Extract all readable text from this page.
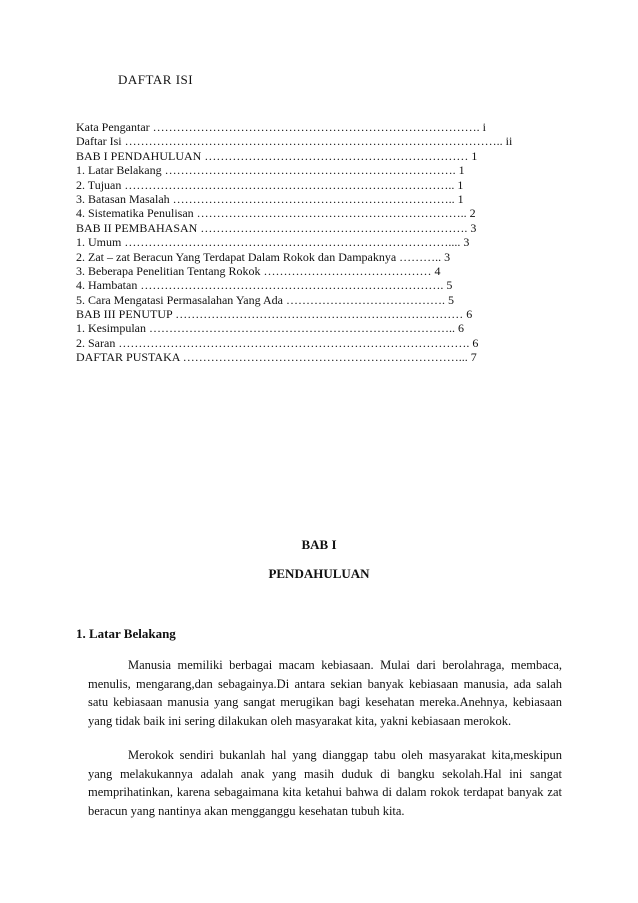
DAFTAR ISI
Kata Pengantar ………………………………………………………………………. i
Daftar Isi ………………………………………………………………………………….. ii
BAB I PENDAHULUAN ………………………………………………………… 1
1. Latar Belakang ………………………………………………………………. 1
2. Tujuan ……………………………………………………………………….. 1
3. Batasan Masalah …………………………………………………………….. 1
4. Sistematika Penulisan ………………………………………………………….. 2
BAB II PEMBAHASAN …………………………………………………………. 3
1. Umum ……………………………………………………………………….... 3
2. Zat – zat Beracun Yang Terdapat Dalam Rokok dan Dampaknya ……….. 3
3. Beberapa Penelitian Tentang Rokok …………………………………… 4
4. Hambatan …………………………………………………………………. 5
5. Cara Mengatasi Permasalahan Yang Ada …………………………………. 5
BAB III PENUTUP ……………………………………………………………… 6
1. Kesimpulan ………………………………………………………………….. 6
2. Saran ……………………………………………………………………………. 6
DAFTAR PUSTAKA ……………………………………………………………... 7
BAB I
PENDAHULUAN
1. Latar Belakang

Manusia memiliki berbagai macam kebiasaan. Mulai dari berolahraga, membaca, menulis, mengarang,dan sebagainya.Di antara sekian banyak kebiasaan manusia, ada salah satu kebiasaan manusia yang sangat merugikan bagi kesehatan mereka.Anehnya, kebiasaan yang tidak baik ini sering dilakukan oleh masyarakat kita, yakni kebiasaan merokok.

Merokok sendiri bukanlah hal yang dianggap tabu oleh masyarakat kita,meskipun yang melakukannya adalah anak yang masih duduk di bangku sekolah.Hal ini sangat memprihatinkan, karena sebagaimana kita ketahui bahwa di dalam rokok terdapat banyak zat beracun yang nantinya akan mengganggu kesehatan tubuh kita.
